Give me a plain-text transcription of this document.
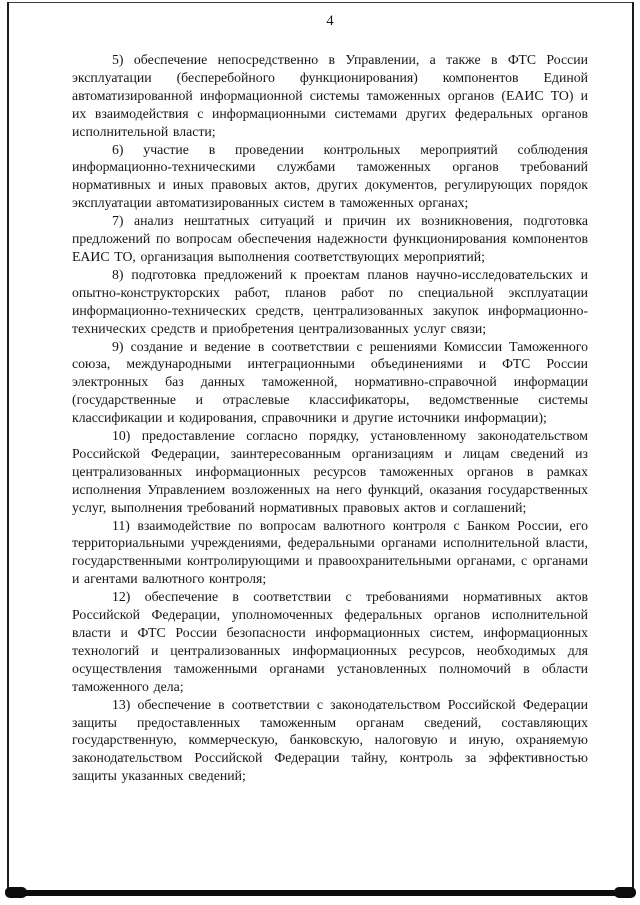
4

5) обеспечение непосредственно в Управлении, а также в ФТС России эксплуатации (бесперебойного функционирования) компонентов Единой автоматизированной информационной системы таможенных органов (ЕАИС ТО) и их взаимодействия с информационными системами других федеральных органов исполнительной власти;

6) участие в проведении контрольных мероприятий соблюдения информационно-техническими службами таможенных органов требований нормативных и иных правовых актов, других документов, регулирующих порядок эксплуатации автоматизированных систем в таможенных органах;

7) анализ нештатных ситуаций и причин их возникновения, подготовка предложений по вопросам обеспечения надежности функционирования компонентов ЕАИС ТО, организация выполнения соответствующих мероприятий;

8) подготовка предложений к проектам планов научно-исследовательских и опытно-конструкторских работ, планов работ по специальной эксплуатации информационно-технических средств, централизованных закупок информационно-технических средств и приобретения централизованных услуг связи;

9) создание и ведение в соответствии с решениями Комиссии Таможенного союза, международными интеграционными объединениями и ФТС России электронных баз данных таможенной, нормативно-справочной информации (государственные и отраслевые классификаторы, ведомственные системы классификации и кодирования, справочники и другие источники информации);

10) предоставление согласно порядку, установленному законодательством Российской Федерации, заинтересованным организациям и лицам сведений из централизованных информационных ресурсов таможенных органов в рамках исполнения Управлением возложенных на него функций, оказания государственных услуг, выполнения требований нормативных правовых актов и соглашений;

11) взаимодействие по вопросам валютного контроля с Банком России, его территориальными учреждениями, федеральными органами исполнительной власти, государственными контролирующими и правоохранительными органами, с органами и агентами валютного контроля;

12) обеспечение в соответствии с требованиями нормативных актов Российской Федерации, уполномоченных федеральных органов исполнительной власти и ФТС России безопасности информационных систем, информационных технологий и централизованных информационных ресурсов, необходимых для осуществления таможенными органами установленных полномочий в области таможенного дела;

13) обеспечение в соответствии с законодательством Российской Федерации защиты предоставленных таможенным органам сведений, составляющих государственную, коммерческую, банковскую, налоговую и иную, охраняемую законодательством Российской Федерации тайну, контроль за эффективностью защиты указанных сведений;
